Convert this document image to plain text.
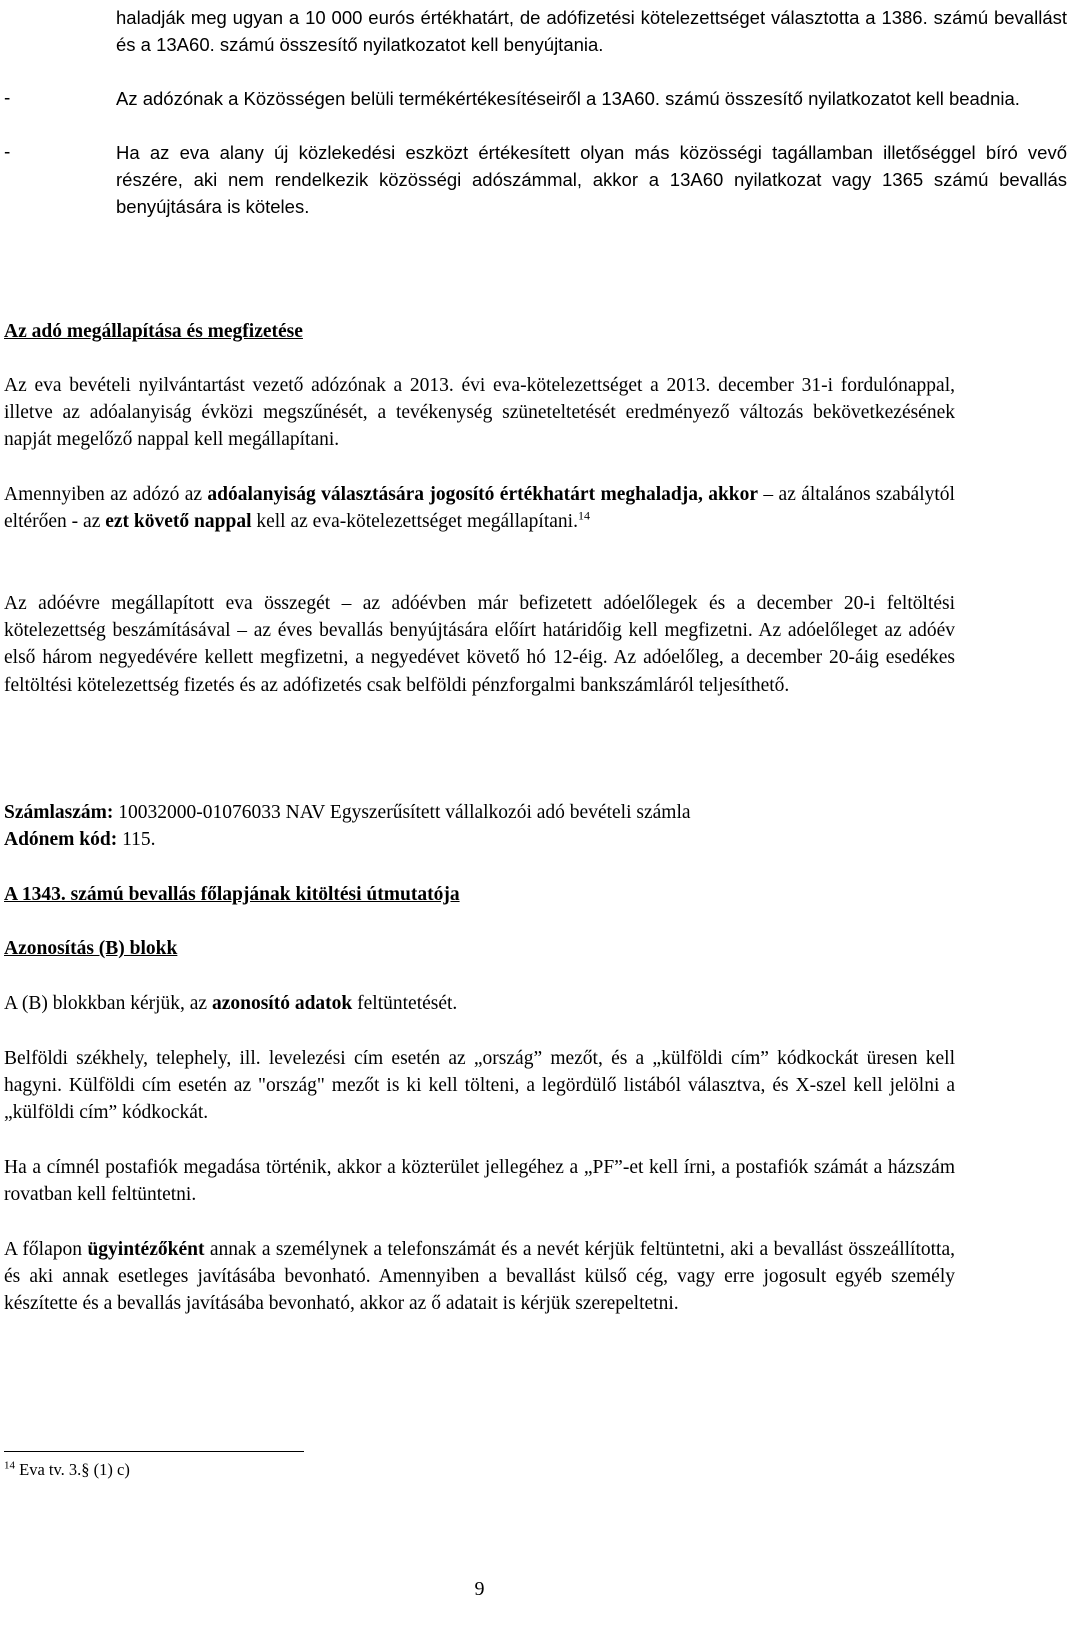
haladják meg ugyan a 10 000 eurós értékhatárt, de adófizetési kötelezettséget választotta a 1386. számú bevallást és a 13A60. számú összesítő nyilatkozatot kell benyújtania.
-	Az adózónak a Közösségen belüli termékértékesítéseiről a 13A60. számú összesítő nyilatkozatot kell beadnia.
-	Ha az eva alany új közlekedési eszközt értékesített olyan más közösségi tagállamban illetőséggel bíró vevő részére, aki nem rendelkezik közösségi adószámmal, akkor a 13A60 nyilatkozat vagy 1365 számú bevallás benyújtására is köteles.
Az adó megállapítása és megfizetése

Az eva bevételi nyilvántartást vezető adózónak a 2013. évi eva-kötelezettséget a 2013. december 31-i fordulónappal, illetve az adóalanyiság évközi megszűnését, a tevékenység szüneteltetését eredményező változás bekövetkezésének napját megelőző nappal kell megállapítani.

Amennyiben az adózó az adóalanyiság választására jogosító értékhatárt meghaladja, akkor – az általános szabálytól eltérően - az ezt követő nappal kell az eva-kötelezettséget megállapítani.$^{14}$

Az adóévre megállapított eva összegét – az adóévben már befizetett adóelőlegek és a december 20-i feltöltési kötelezettség beszámításával – az éves bevallás benyújtására előírt határidőig kell megfizetni. Az adóelőleget az adóév első három negyedévére kellett megfizetni, a negyedévet követő hó 12-éig. Az adóelőleg, a december 20-áig esedékes feltöltési kötelezettség fizetés és az adófizetés csak belföldi pénzforgalmi bankszámláról teljesíthető.

Számlaszám: 10032000-01076033 NAV Egyszerűsített vállalkozói adó bevételi számla
Adónem kód: 115.
A 1343. számú bevallás főlapjának kitöltési útmutatója
Azonosítás (B) blokk

A (B) blokkban kérjük, az azonosító adatok feltüntetését.

Belföldi székhely, telephely, ill. levelezési cím esetén az „ország” mezőt, és a „külföldi cím” kódkockát üresen kell hagyni. Külföldi cím esetén az "ország" mezőt is ki kell tölteni, a legördülő listából választva, és X-szel kell jelölni a „külföldi cím” kódkockát.

Ha a címnél postafiók megadása történik, akkor a közterület jellegéhez a „PF”-et kell írni, a postafiók számát a házszám rovatban kell feltüntetni.

A főlapon ügyintézőként annak a személynek a telefonszámát és a nevét kérjük feltüntetni, aki a bevallást összeállította, és aki annak esetleges javításába bevonható. Amennyiben a bevallást külső cég, vagy erre jogosult egyéb személy készítette és a bevallás javításába bevonható, akkor az ő adatait is kérjük szerepeltetni.

$^{14}$ Eva tv. 3.§ (1) c)
9
